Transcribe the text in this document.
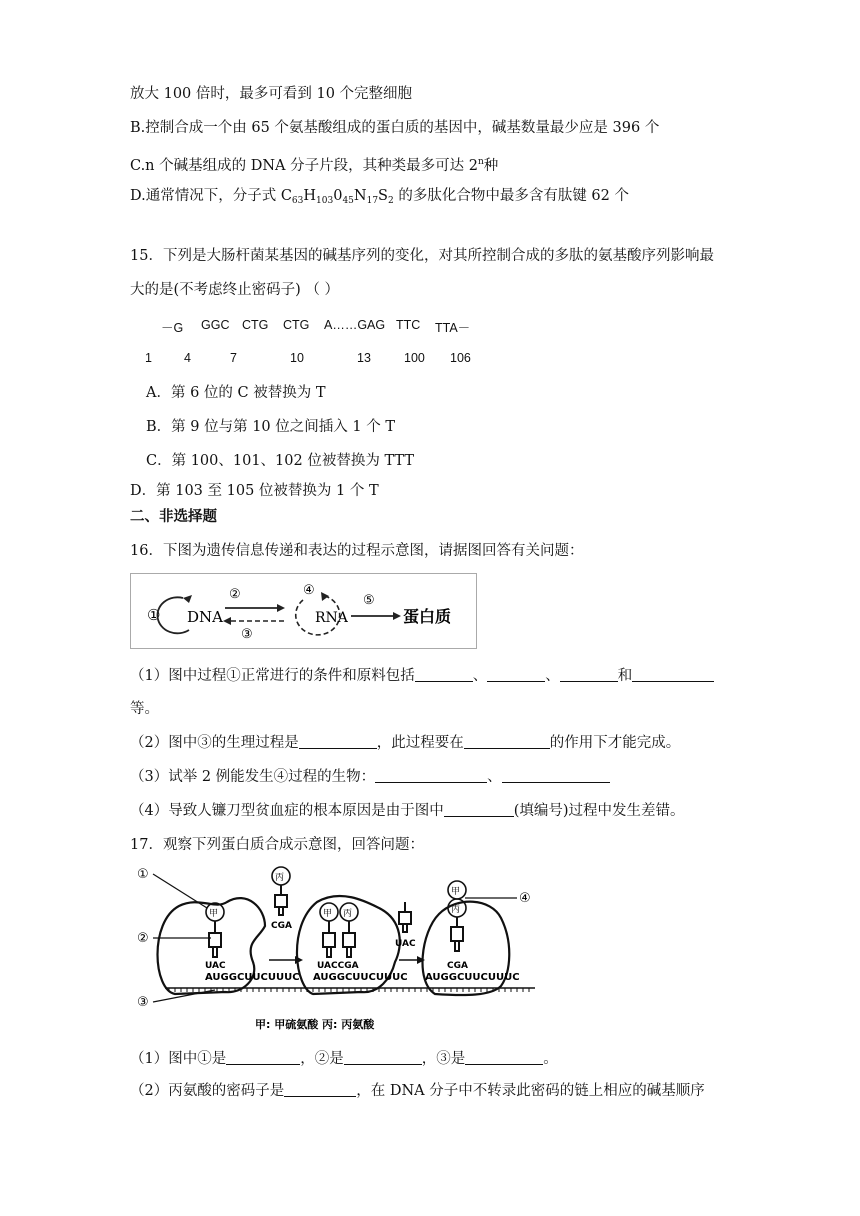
放大 100 倍时，最多可看到 10 个完整细胞
B.控制合成一个由 65 个氨基酸组成的蛋白质的基因中，碱基数量最少应是 396 个
C.n 个碱基组成的 DNA 分子片段，其种类最多可达 2$^n$种
D.通常情况下，分子式 $C_{63}H_{103}0_{45}N_{17}S_2$ 的多肽化合物中最多含有肽键 62 个
15．下列是大肠杆菌某基因的碱基序列的变化，对其所控制合成的多肽的氨基酸序列影响最
大的是(不考虑终止密码子) （ ）
－G GGC CTG CTG A……GAG TTC TTA－
1	4	7	10	13	100 106
A．第 6 位的 C 被替换为 T
B．第 9 位与第 10 位之间插入 1 个 T
C．第 100、101、102 位被替换为 TTT
D．第 103 至 105 位被替换为 1 个 T
二、非选择题
16．下图为遗传信息传递和表达的过程示意图，请据图回答有关问题：
① DNA
②
③
④
RNA
⑤
蛋白质
（1）图中过程①正常进行的条件和原料包括	、	、	和
等。
（2）图中③的生理过程是	，此过程要在	的作用下才能完成。
（3）试举 2 例能发生④过程的生物：	、
（4）导致人镰刀型贫血症的根本原因是由于图中	(填编号)过程中发生差错。
17．观察下列蛋白质合成示意图，回答问题：
AUGGCUUCUUUC AUGGCUUCUUUC AUGGCUUCUUUC
甲
UAC
丙
CGA
甲 丙
UACCGA
UAC
甲
丙
CGA
①
②
③
④
甲: 甲硫氨酸 丙: 丙氨酸
（1）图中①是	，②是	，③是	。
（2）丙氨酸的密码子是	，在 DNA 分子中不转录此密码的链上相应的碱基顺序
